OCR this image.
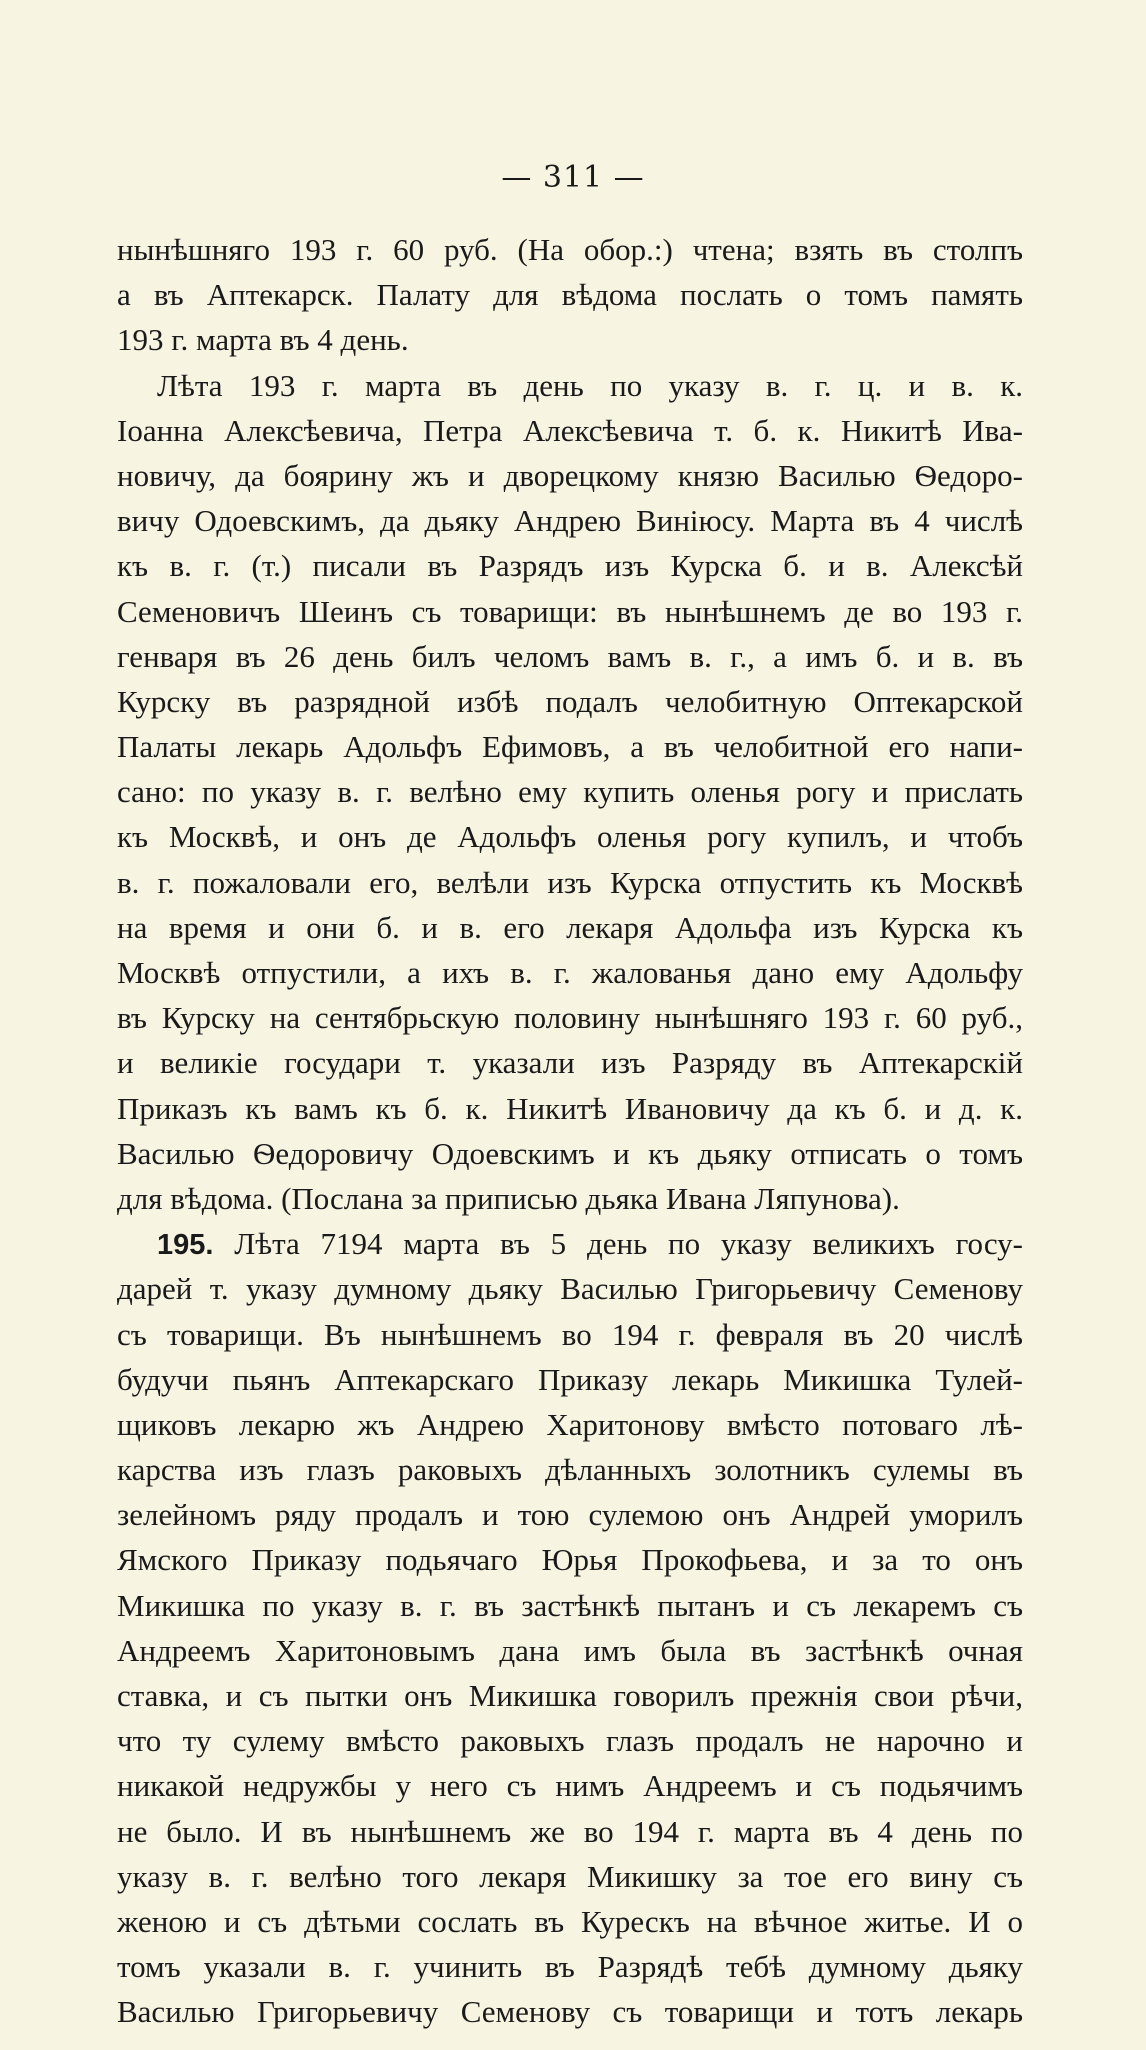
— 311 —
нынѣшняго 193 г. 60 руб. (На обор.:) чтена; взять въ столпъ
а въ Аптекарск. Палату для вѣдома послать о томъ память
193 г. марта въ 4 день.
Лѣта 193 г. марта въ день по указу в. г. ц. и в. к.
Іоанна Алексѣевича, Петра Алексѣевича т. б. к. Никитѣ Ива-
новичу, да боярину жъ и дворецкому князю Василью Ѳедоро-
вичу Одоевскимъ, да дьяку Андрею Виніюсу. Марта въ 4 числѣ
къ в. г. (т.) писали въ Разрядъ изъ Курска б. и в. Алексѣй
Семеновичъ Шеинъ съ товарищи: въ нынѣшнемъ де во 193 г.
генваря въ 26 день билъ челомъ вамъ в. г., а имъ б. и в. въ
Курску въ разрядной избѣ подалъ челобитную Оптекарской
Палаты лекарь Адольфъ Ефимовъ, а въ челобитной его напи-
сано: по указу в. г. велѣно ему купить оленья рогу и прислать
къ Москвѣ, и онъ де Адольфъ оленья рогу купилъ, и чтобъ
в. г. пожаловали его, велѣли изъ Курска отпустить къ Москвѣ
на время и они б. и в. его лекаря Адольфа изъ Курска къ
Москвѣ отпустили, а ихъ в. г. жалованья дано ему Адольфу
въ Курску на сентябрьскую половину нынѣшняго 193 г. 60 руб.,
и великіе государи т. указали изъ Разряду въ Аптекарскій
Приказъ къ вамъ къ б. к. Никитѣ Ивановичу да къ б. и д. к.
Василью Ѳедоровичу Одоевскимъ и къ дьяку отписать о томъ
для вѣдома. (Послана за приписью дьяка Ивана Ляпунова).
195. Лѣта 7194 марта въ 5 день по указу великихъ госу-
дарей т. указу думному дьяку Василью Григорьевичу Семенову
съ товарищи. Въ нынѣшнемъ во 194 г. февраля въ 20 числѣ
будучи пьянъ Аптекарскаго Приказу лекарь Микишка Тулей-
щиковъ лекарю жъ Андрею Харитонову вмѣсто потоваго лѣ-
карства изъ глазъ раковыхъ дѣланныхъ золотникъ сулемы въ
зелейномъ ряду продалъ и тою сулемою онъ Андрей уморилъ
Ямского Приказу подьячаго Юрья Прокофьева, и за то онъ
Микишка по указу в. г. въ застѣнкѣ пытанъ и съ лекаремъ съ
Андреемъ Харитоновымъ дана имъ была въ застѣнкѣ очная
ставка, и съ пытки онъ Микишка говорилъ прежнія свои рѣчи,
что ту сулему вмѣсто раковыхъ глазъ продалъ не нарочно и
никакой недружбы у него съ нимъ Андреемъ и съ подьячимъ
не было. И въ нынѣшнемъ же во 194 г. марта въ 4 день по
указу в. г. велѣно того лекаря Микишку за тое его вину съ
женою и съ дѣтьми сослать въ Курескъ на вѣчное житье. И о
томъ указали в. г. учинить въ Разрядѣ тебѣ думному дьяку
Василью Григорьевичу Семенову съ товарищи и тотъ лекарь
